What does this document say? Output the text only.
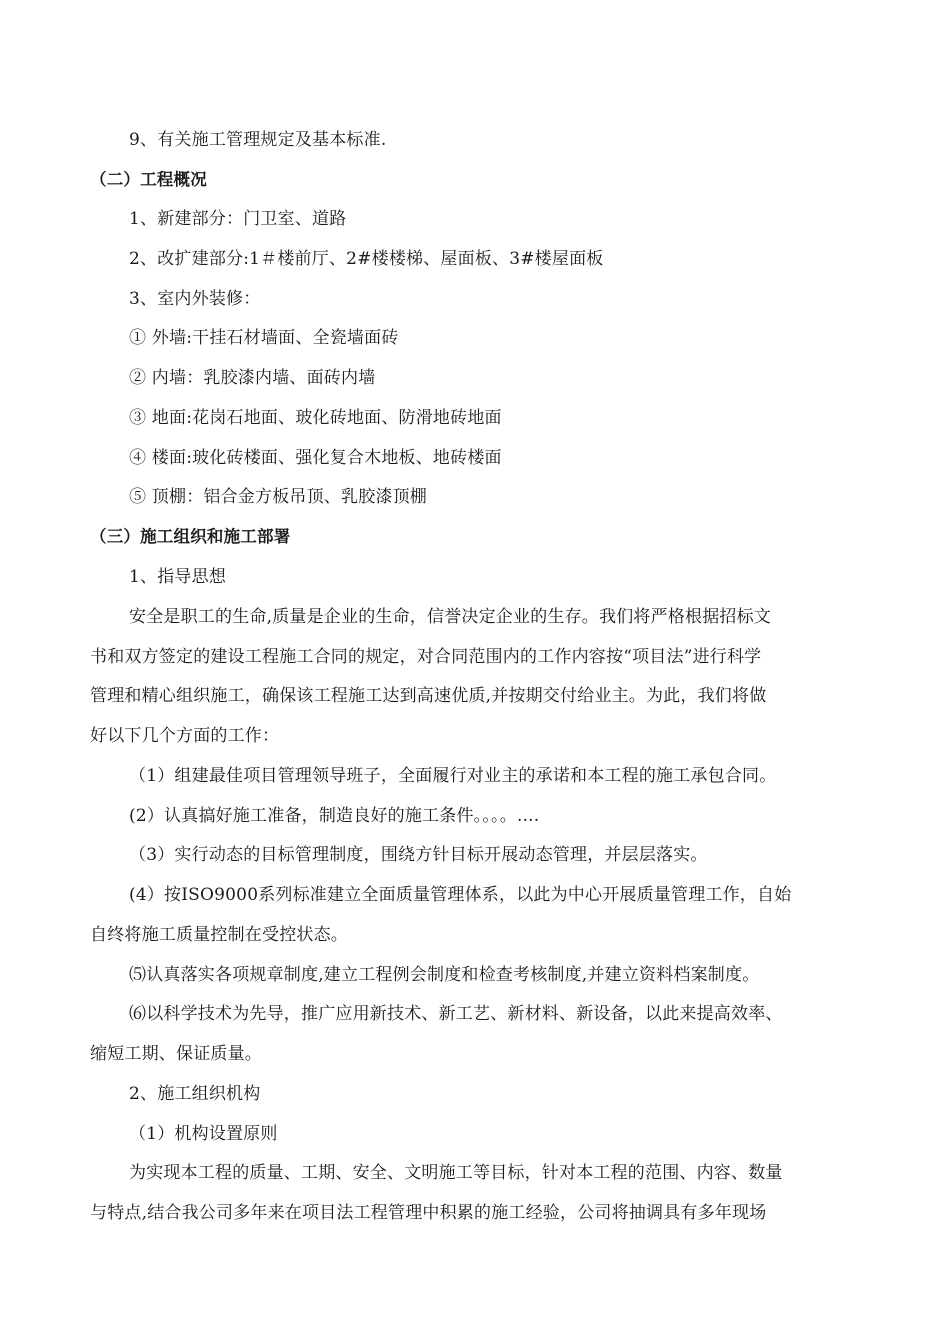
9、有关施工管理规定及基本标准.

（二）工程概况

1、新建部分：门卫室、道路

2、改扩建部分:1＃楼前厅、2#楼楼梯、屋面板、3#楼屋面板

3、室内外装修：

① 外墙:干挂石材墙面、全瓷墙面砖

② 内墙：乳胶漆内墙、面砖内墙

③ 地面:花岗石地面、玻化砖地面、防滑地砖地面

④ 楼面:玻化砖楼面、强化复合木地板、地砖楼面

⑤ 顶棚：铝合金方板吊顶、乳胶漆顶棚

（三）施工组织和施工部署

1、指导思想

安全是职工的生命,质量是企业的生命，信誉决定企业的生存。我们将严格根据招标文

书和双方签定的建设工程施工合同的规定，对合同范围内的工作内容按“项目法”进行科学

管理和精心组织施工，确保该工程施工达到高速优质,并按期交付给业主。为此，我们将做

好以下几个方面的工作：

（1）组建最佳项目管理领导班子，全面履行对业主的承诺和本工程的施工承包合同。

(2）认真搞好施工准备，制造良好的施工条件。。。。....

（3）实行动态的目标管理制度，围绕方针目标开展动态管理，并层层落实。

(4）按ISO9000系列标准建立全面质量管理体系，以此为中心开展质量管理工作，自始

自终将施工质量控制在受控状态。

⑸认真落实各项规章制度,建立工程例会制度和检查考核制度,并建立资料档案制度。

⑹以科学技术为先导，推广应用新技术、新工艺、新材料、新设备，以此来提高效率、

缩短工期、保证质量。

2、施工组织机构

（1）机构设置原则

为实现本工程的质量、工期、安全、文明施工等目标，针对本工程的范围、内容、数量

与特点,结合我公司多年来在项目法工程管理中积累的施工经验，公司将抽调具有多年现场
